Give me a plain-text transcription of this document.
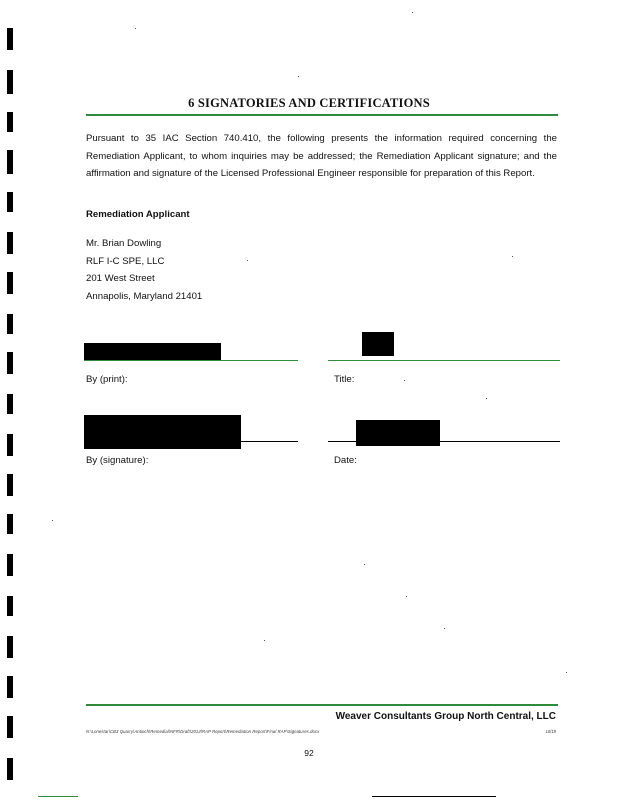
6 SIGNATORIES AND CERTIFICATIONS
Pursuant to 35 IAC Section 740.410, the following presents the information required concerning the Remediation Applicant, to whom inquiries may be addressed; the Remediation Applicant signature; and the affirmation and signature of the Licensed Professional Engineer responsible for preparation of this Report.
Remediation Applicant
Mr. Brian Dowling
RLF I-C SPE, LLC
201 West Street
Annapolis, Maryland 21401
By (print):	Title:
By (signature):	Date:
Weaver Consultants Group North Central, LLC
N:\Lonestar\CB3 Quarry\Antioch\Remedial\NFR\Draft\2014\RAP Report\Remediation Report\Final RAP\Signatures.docx	10/19
92
